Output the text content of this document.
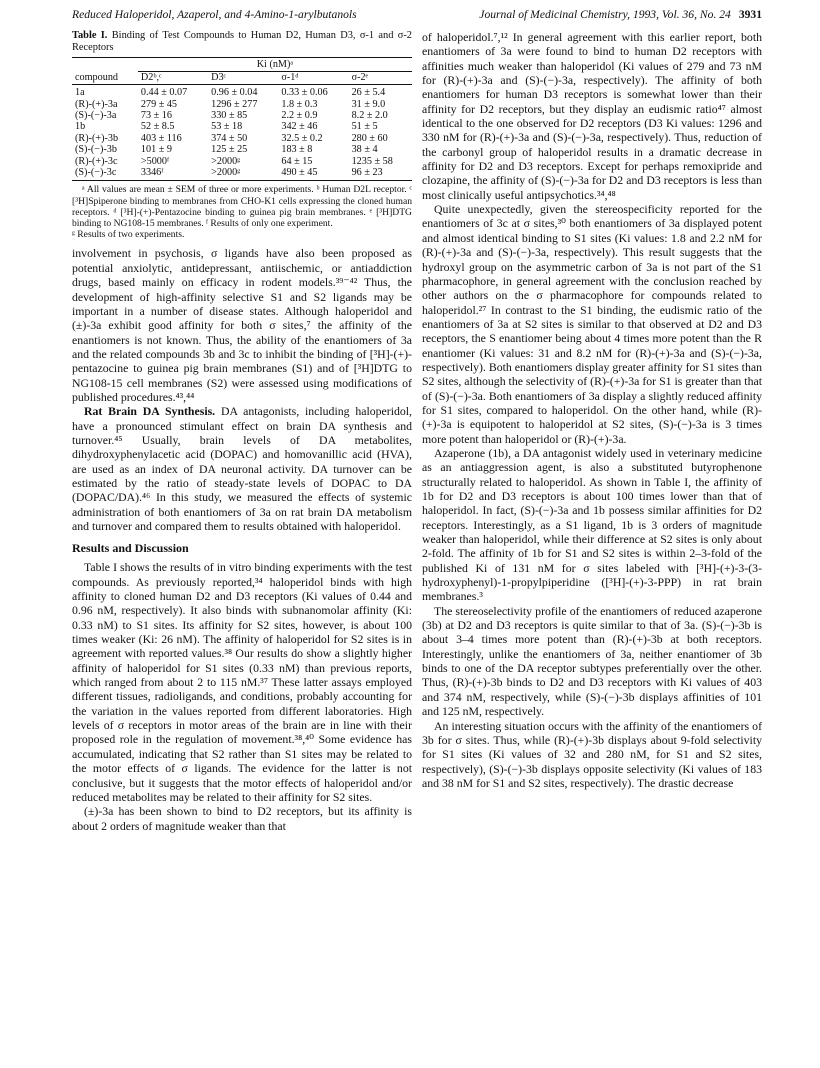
Reduced Haloperidol, Azaperol, and 4-Amino-1-arylbutanols	Journal of Medicinal Chemistry, 1993, Vol. 36, No. 24 3931

Table I. Binding of Test Compounds to Human D2, Human D3, σ-1 and σ-2 Receptors

	Ki (nM)ᵃ			
compound	D2ᵇ,ᶜ	D3ᶜ	σ-1ᵈ	σ-2ᵉ
1a	0.44 ± 0.07	0.96 ± 0.04	0.33 ± 0.06	26 ± 5.4
(R)-(+)-3a	279 ± 45	1296 ± 277	1.8 ± 0.3	31 ± 9.0
(S)-(−)-3a	73 ± 16	330 ± 85	2.2 ± 0.9	8.2 ± 2.0
1b	52 ± 8.5	53 ± 18	342 ± 46	51 ± 5
(R)-(+)-3b	403 ± 116	374 ± 50	32.5 ± 0.2	280 ± 60
(S)-(−)-3b	101 ± 9	125 ± 25	183 ± 8	38 ± 4
(R)-(+)-3c	>5000ᶠ	>2000ᵍ	64 ± 15	1235 ± 58
(S)-(−)-3c	3346ᶠ	>2000ᵍ	490 ± 45	96 ± 23

ᵃ All values are mean ± SEM of three or more experiments. ᵇ Human D2L receptor. ᶜ [³H]Spiperone binding to membranes from CHO-K1 cells expressing the cloned human receptors. ᵈ [³H]-(+)-Pentazocine binding to guinea pig brain membranes. ᵉ [³H]DTG binding to NG108-15 membranes. ᶠ Results of only one experiment.

ᵍ Results of two experiments.

involvement in psychosis, σ ligands have also been proposed as potential anxiolytic, antidepressant, antiischemic, or antiaddiction drugs, based mainly on efficacy in rodent models.³⁹⁻⁴² Thus, the development of high-affinity selective S1 and S2 ligands may be important in a number of disease states. Although haloperidol and (±)-3a exhibit good affinity for both σ sites,⁷ the affinity of the enantiomers is not known. Thus, the ability of the enantiomers of 3a and the related compounds 3b and 3c to inhibit the binding of [³H]-(+)-pentazocine to guinea pig brain membranes (S1) and of [³H]DTG to NG108-15 cell membranes (S2) were assessed using modifications of published procedures.⁴³,⁴⁴

Rat Brain DA Synthesis. DA antagonists, including haloperidol, have a pronounced stimulant effect on brain DA synthesis and turnover.⁴⁵ Usually, brain levels of DA metabolites, dihydroxyphenylacetic acid (DOPAC) and homovanillic acid (HVA), are used as an index of DA neuronal activity. DA turnover can be estimated by the ratio of steady-state levels of DOPAC to DA (DOPAC/DA).⁴⁶ In this study, we measured the effects of systemic administration of both enantiomers of 3a on rat brain DA metabolism and turnover and compared them to results obtained with haloperidol.

Results and Discussion

Table I shows the results of in vitro binding experiments with the test compounds. As previously reported,³⁴ haloperidol binds with high affinity to cloned human D2 and D3 receptors (Ki values of 0.44 and 0.96 nM, respectively). It also binds with subnanomolar affinity (Ki: 0.33 nM) to S1 sites. Its affinity for S2 sites, however, is about 100 times weaker (Ki: 26 nM). The affinity of haloperidol for S2 sites is in agreement with reported values.³⁸ Our results do show a slightly higher affinity of haloperidol for S1 sites (0.33 nM) than previous reports, which ranged from about 2 to 115 nM.³⁷ These latter assays employed different tissues, radioligands, and conditions, probably accounting for the variation in the values reported from different laboratories. High levels of σ receptors in motor areas of the brain are in line with their proposed role in the regulation of movement.³⁸,⁴⁰ Some evidence has accumulated, indicating that S2 rather than S1 sites may be related to the motor effects of σ ligands. The evidence for the latter is not conclusive, but it suggests that the motor effects of haloperidol and/or reduced metabolites may be related to their affinity for S2 sites.

(±)-3a has been shown to bind to D2 receptors, but its affinity is about 2 orders of magnitude weaker than that

of haloperidol.⁷,¹² In general agreement with this earlier report, both enantiomers of 3a were found to bind to human D2 receptors with affinities much weaker than haloperidol (Ki values of 279 and 73 nM for (R)-(+)-3a and (S)-(−)-3a, respectively). The affinity of both enantiomers for human D3 receptors is somewhat lower than their affinity for D2 receptors, but they display an eudismic ratio⁴⁷ almost identical to the one observed for D2 receptors (D3 Ki values: 1296 and 330 nM for (R)-(+)-3a and (S)-(−)-3a, respectively). Thus, reduction of the carbonyl group of haloperidol results in a dramatic decrease in affinity for D2 and D3 receptors. Except for perhaps remoxipride and clozapine, the affinity of (S)-(−)-3a for D2 and D3 receptors is less than most clinically useful antipsychotics.³⁴,⁴⁸

Quite unexpectedly, given the stereospecificity reported for the enantiomers of 3c at σ sites,³⁰ both enantiomers of 3a displayed potent and almost identical binding to S1 sites (Ki values: 1.8 and 2.2 nM for (R)-(+)-3a and (S)-(−)-3a, respectively). This result suggests that the hydroxyl group on the asymmetric carbon of 3a is not part of the S1 pharmacophore, in general agreement with the conclusion reached by other authors on the σ pharmacophore for compounds related to haloperidol.²⁷ In contrast to the S1 binding, the eudismic ratio of the enantiomers of 3a at S2 sites is similar to that observed at D2 and D3 receptors, the S enantiomer being about 4 times more potent than the R enantiomer (Ki values: 31 and 8.2 nM for (R)-(+)-3a and (S)-(−)-3a, respectively). Both enantiomers display greater affinity for S1 sites than S2 sites, although the selectivity of (R)-(+)-3a for S1 is greater than that of (S)-(−)-3a. Both enantiomers of 3a display a slightly reduced affinity for S1 sites, compared to haloperidol. On the other hand, while (R)-(+)-3a is equipotent to haloperidol at S2 sites, (S)-(−)-3a is 3 times more potent than haloperidol or (R)-(+)-3a.

Azaperone (1b), a DA antagonist widely used in veterinary medicine as an antiaggression agent, is also a substituted butyrophenone structurally related to haloperidol. As shown in Table I, the affinity of 1b for D2 and D3 receptors is about 100 times lower than that of haloperidol. In fact, (S)-(−)-3a and 1b possess similar affinities for D2 receptors. Interestingly, as a S1 ligand, 1b is 3 orders of magnitude weaker than haloperidol, while their difference at S2 sites is only about 2-fold. The affinity of 1b for S1 and S2 sites is within 2–3-fold of the published Ki of 131 nM for σ sites labeled with [³H]-(+)-3-(3-hydroxyphenyl)-1-propylpiperidine ([³H]-(+)-3-PPP) in rat brain membranes.³

The stereoselectivity profile of the enantiomers of reduced azaperone (3b) at D2 and D3 receptors is quite similar to that of 3a. (S)-(−)-3b is about 3–4 times more potent than (R)-(+)-3b at both receptors. Interestingly, unlike the enantiomers of 3a, neither enantiomer of 3b binds to one of the DA receptor subtypes preferentially over the other. Thus, (R)-(+)-3b binds to D2 and D3 receptors with Ki values of 403 and 374 nM, respectively, while (S)-(−)-3b displays affinities of 101 and 125 nM, respectively.

An interesting situation occurs with the affinity of the enantiomers of 3b for σ sites. Thus, while (R)-(+)-3b displays about 9-fold selectivity for S1 sites (Ki values of 32 and 280 nM, for S1 and S2 sites, respectively), (S)-(−)-3b displays opposite selectivity (Ki values of 183 and 38 nM for S1 and S2 sites, respectively). The drastic decrease
